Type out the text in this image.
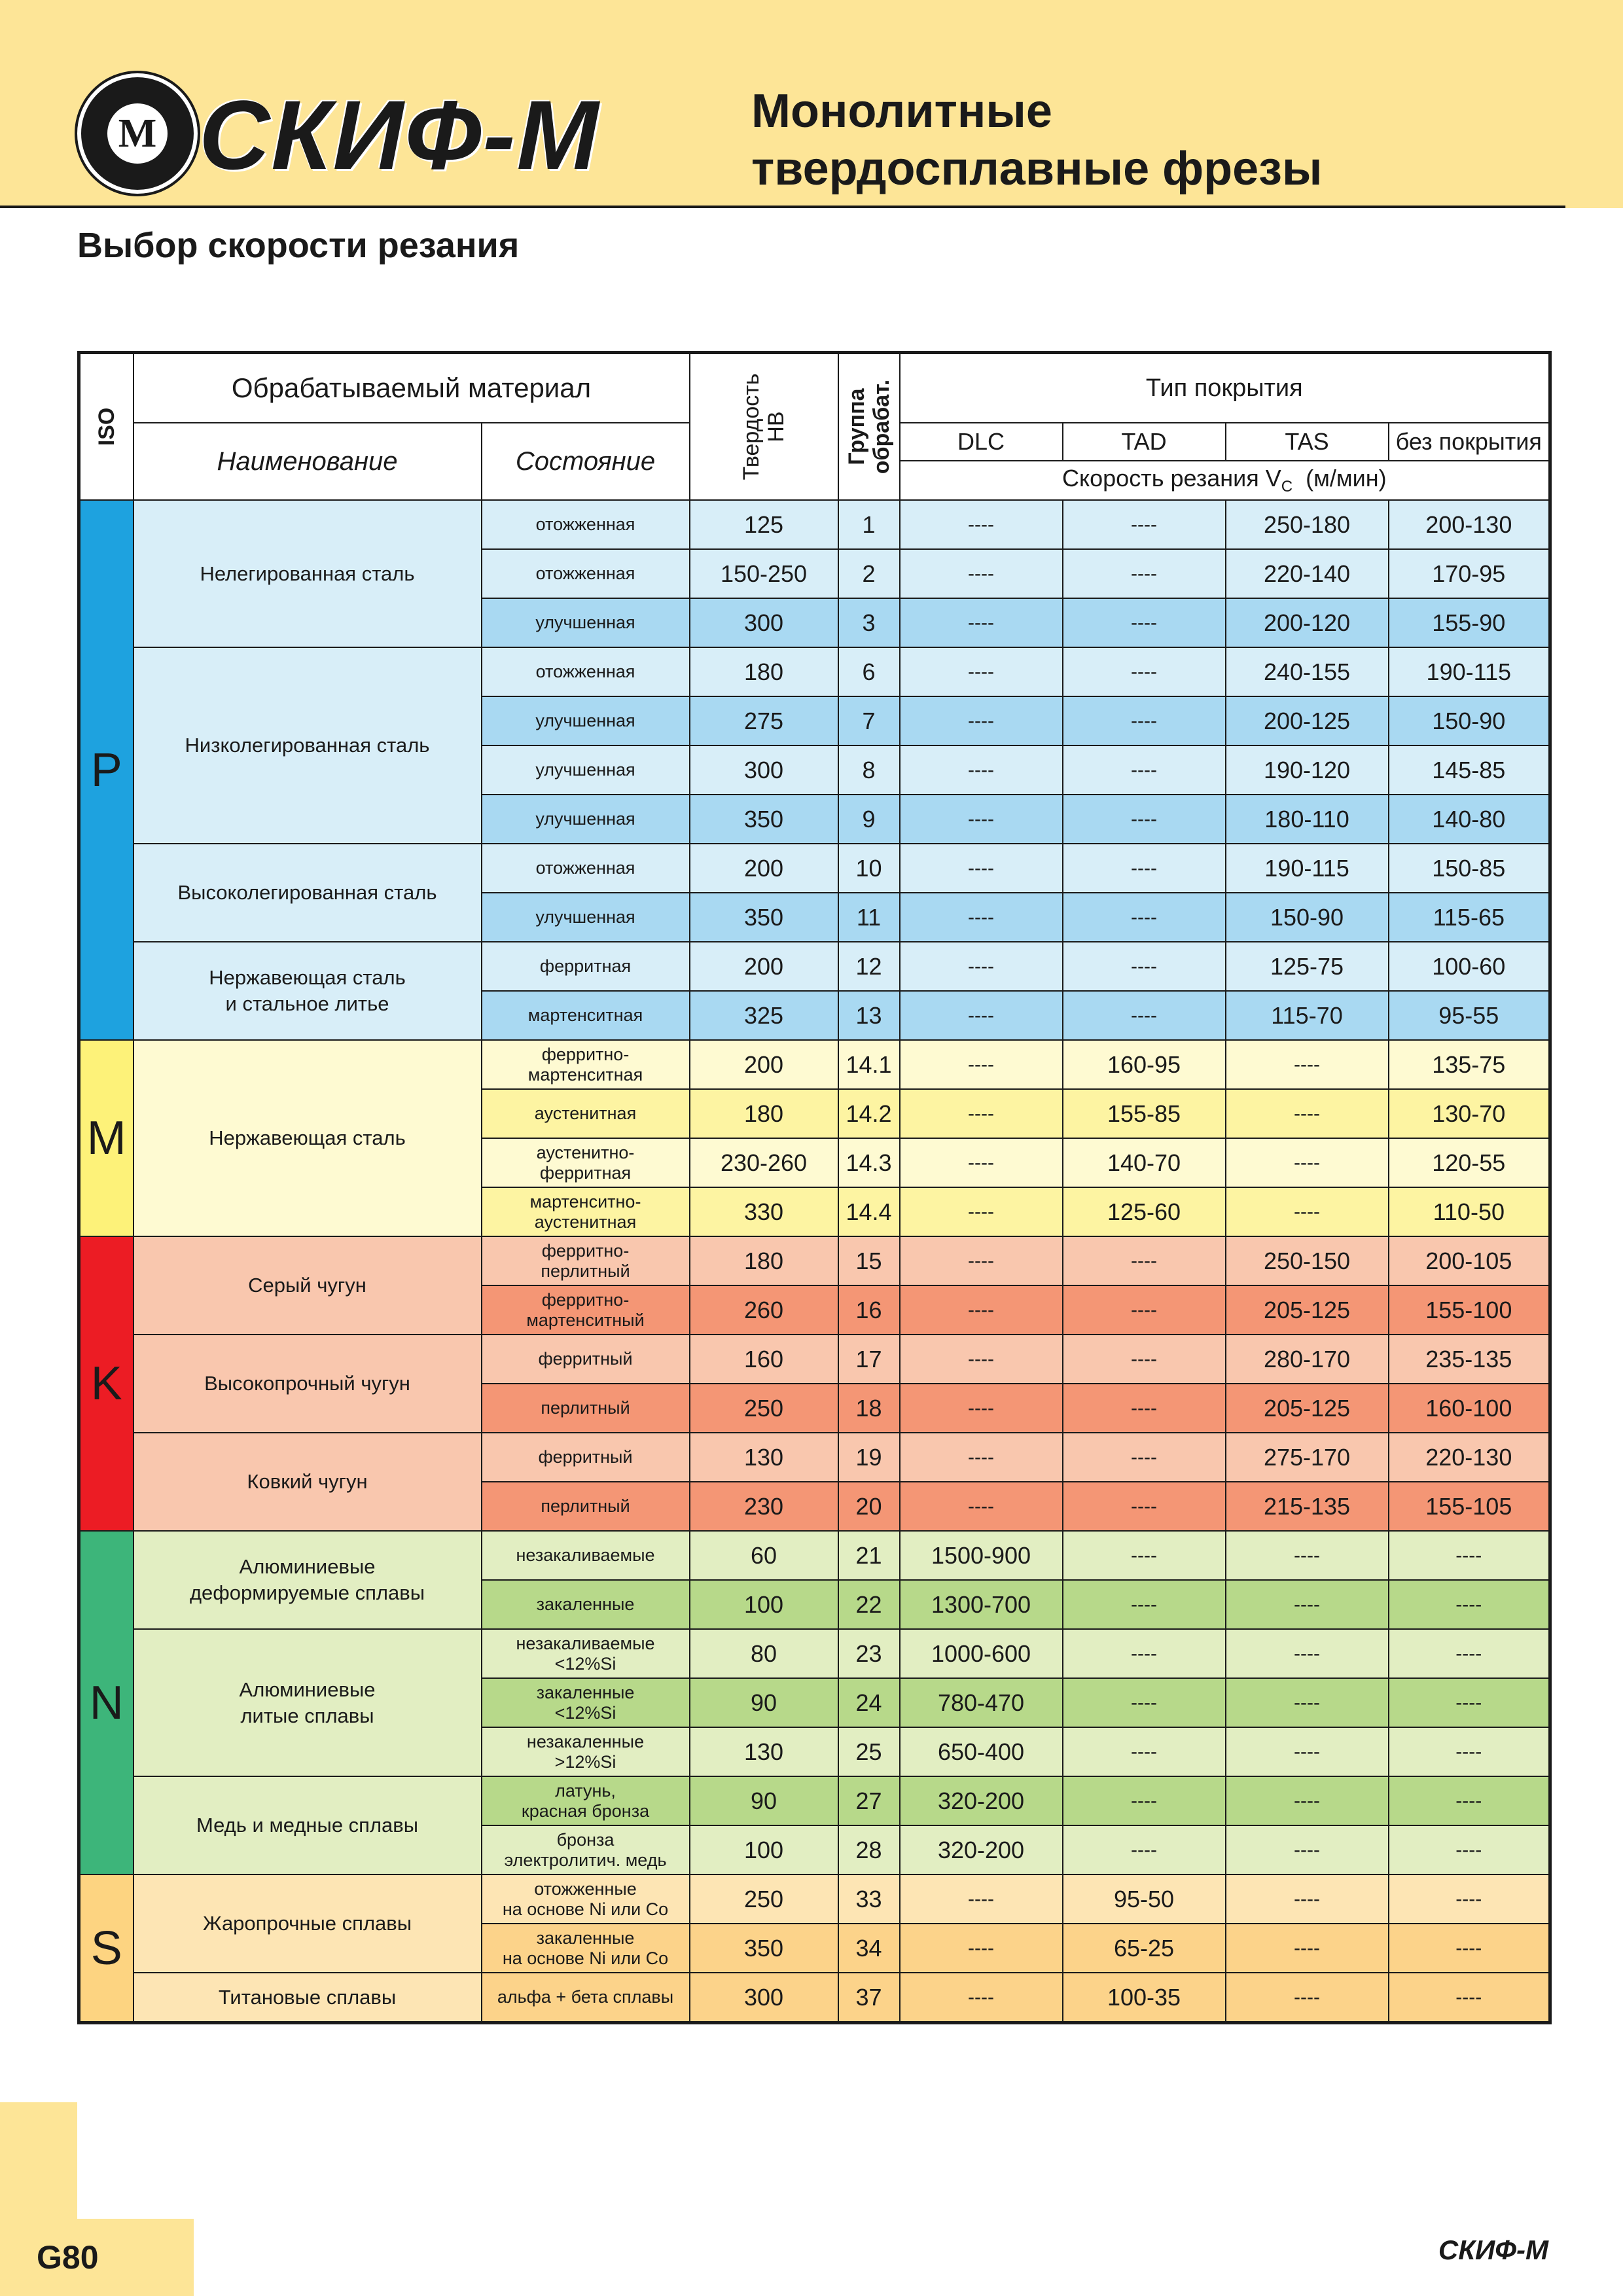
М СКИФ-М	Монолитные
твердосплавные фрезы
Выбор скорости резания
ISO	Обрабатываемый материал		Твердость
HB	Группа
обрабат.	Тип покрытия			
	Наименование	Состояние			DLC	TAD	TAS	без покрытия
					Скорость резания $V_C$ (м/мин)			
P	Нелегированная сталь	отожженная	125	1	----	----	250-180	200-130
		отожженная	150-250	2	----	----	220-140	170-95
		улучшенная	300	3	----	----	200-120	155-90
	Низколегированная сталь	отожженная	180	6	----	----	240-155	190-115
		улучшенная	275	7	----	----	200-125	150-90
		улучшенная	300	8	----	----	190-120	145-85
		улучшенная	350	9	----	----	180-110	140-80
	Высоколегированная сталь	отожженная	200	10	----	----	190-115	150-85
		улучшенная	350	11	----	----	150-90	115-65
	Нержавеющая сталь
и стальное литье	ферритная	200	12	----	----	125-75	100-60
		мартенситная	325	13	----	----	115-70	95-55
M	Нержавеющая сталь	ферритно-
мартенситная	200	14.1	----	160-95	----	135-75
		аустенитная	180	14.2	----	155-85	----	130-70
		аустенитно-
ферритная	230-260	14.3	----	140-70	----	120-55
		мартенситно-
аустенитная	330	14.4	----	125-60	----	110-50
K	Серый чугун	ферритно-
перлитный	180	15	----	----	250-150	200-105
		ферритно-
мартенситный	260	16	----	----	205-125	155-100
	Высокопрочный чугун	ферритный	160	17	----	----	280-170	235-135
		перлитный	250	18	----	----	205-125	160-100
	Ковкий чугун	ферритный	130	19	----	----	275-170	220-130
		перлитный	230	20	----	----	215-135	155-105
N	Алюминиевые
деформируемые сплавы	незакаливаемые	60	21	1500-900	----	----	----
		закаленные	100	22	1300-700	----	----	----
	Алюминиевые
литые сплавы	незакаливаемые
<12%Si	80	23	1000-600	----	----	----
		закаленные
<12%Si	90	24	780-470	----	----	----
		незакаленные
>12%Si	130	25	650-400	----	----	----
	Медь и медные сплавы	латунь,
красная бронза	90	27	320-200	----	----	----
		бронза
электролитич. медь	100	28	320-200	----	----	----
S	Жаропрочные сплавы	отожженные
на основе Ni или Co	250	33	----	95-50	----	----
		закаленные
на основе Ni или Co	350	34	----	65-25	----	----
	Титановые сплавы	альфа + бета сплавы	300	37	----	100-35	----	----
G80	СКИФ-М
